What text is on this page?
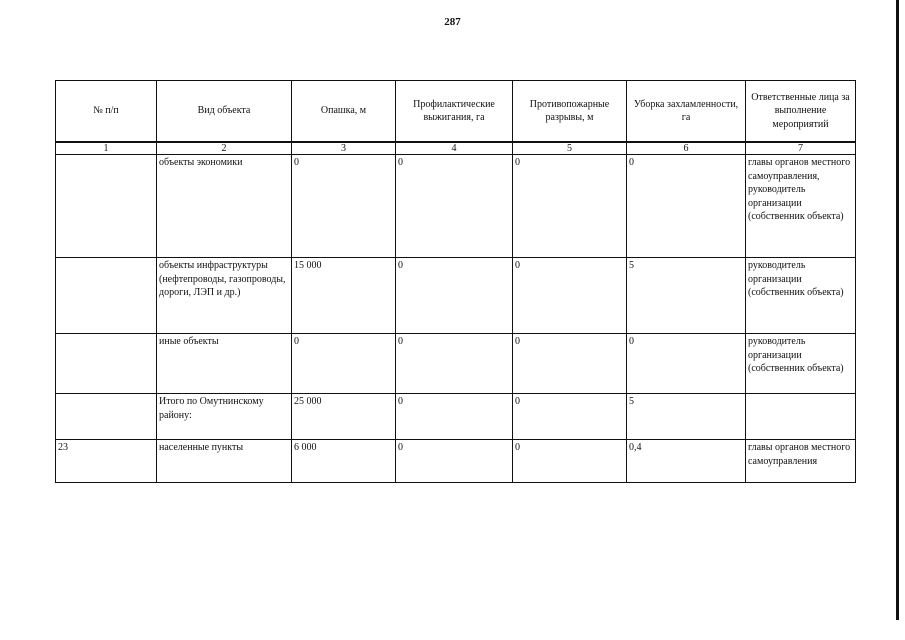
287
№ п/п	Вид объекта	Опашка, м	Профилактические выжигания, га	Противопожарные разрывы, м	Уборка захламленности, га	Ответственные лица за выполнение мероприятий
1	2	3	4	5	6	7
	объекты экономики	0	0	0	0	главы органов местного самоуправления, руководитель организации (собственник объекта)
	объекты инфраструктуры (нефтепроводы, газопроводы, дороги, ЛЭП и др.)	15 000	0	0	5	руководитель организации (собственник объекта)
	иные объекты	0	0	0	0	руководитель организации (собственник объекта)
	Итого по Омутнинскому району:	25 000	0	0	5	
23	населенные пункты	6 000	0	0	0,4	главы органов местного самоуправления
